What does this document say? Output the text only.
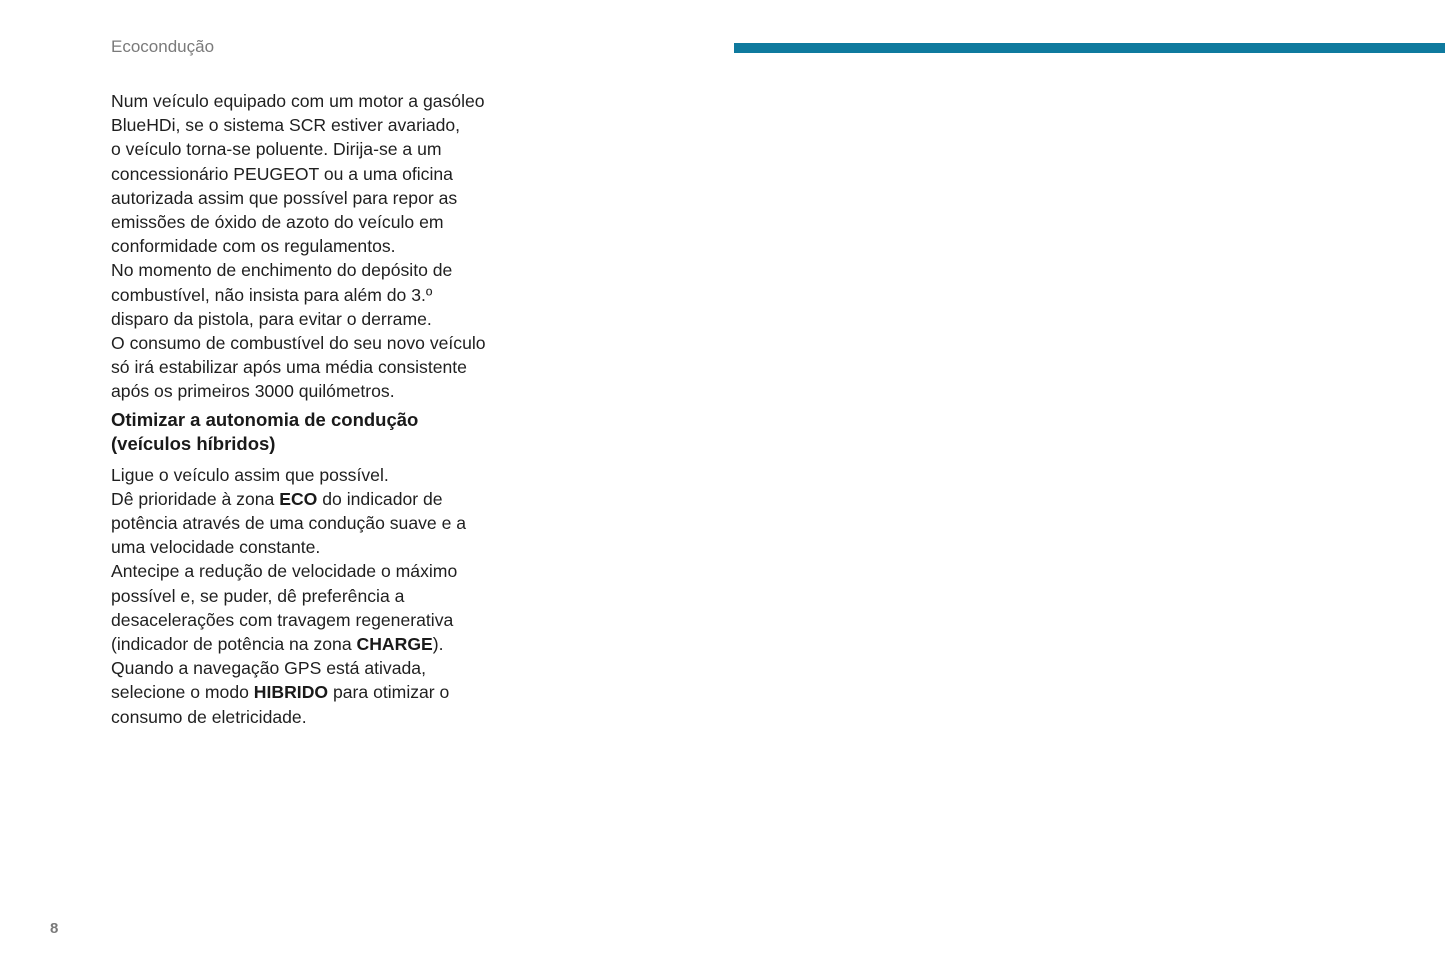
Ecocondução

Num veículo equipado com um motor a gasóleo
BlueHDi, se o sistema SCR estiver avariado,
o veículo torna-se poluente. Dirija-se a um
concessionário PEUGEOT ou a uma oficina
autorizada assim que possível para repor as
emissões de óxido de azoto do veículo em
conformidade com os regulamentos.

No momento de enchimento do depósito de
combustível, não insista para além do 3.º
disparo da pistola, para evitar o derrame.

O consumo de combustível do seu novo veículo
só irá estabilizar após uma média consistente
após os primeiros 3000 quilómetros.

Otimizar a autonomia de condução
(veículos híbridos)

Ligue o veículo assim que possível.

Dê prioridade à zona ECO do indicador de
potência através de uma condução suave e a
uma velocidade constante.

Antecipe a redução de velocidade o máximo
possível e, se puder, dê preferência a
desacelerações com travagem regenerativa
(indicador de potência na zona CHARGE).

Quando a navegação GPS está ativada,
selecione o modo HIBRIDO para otimizar o
consumo de eletricidade.

8
